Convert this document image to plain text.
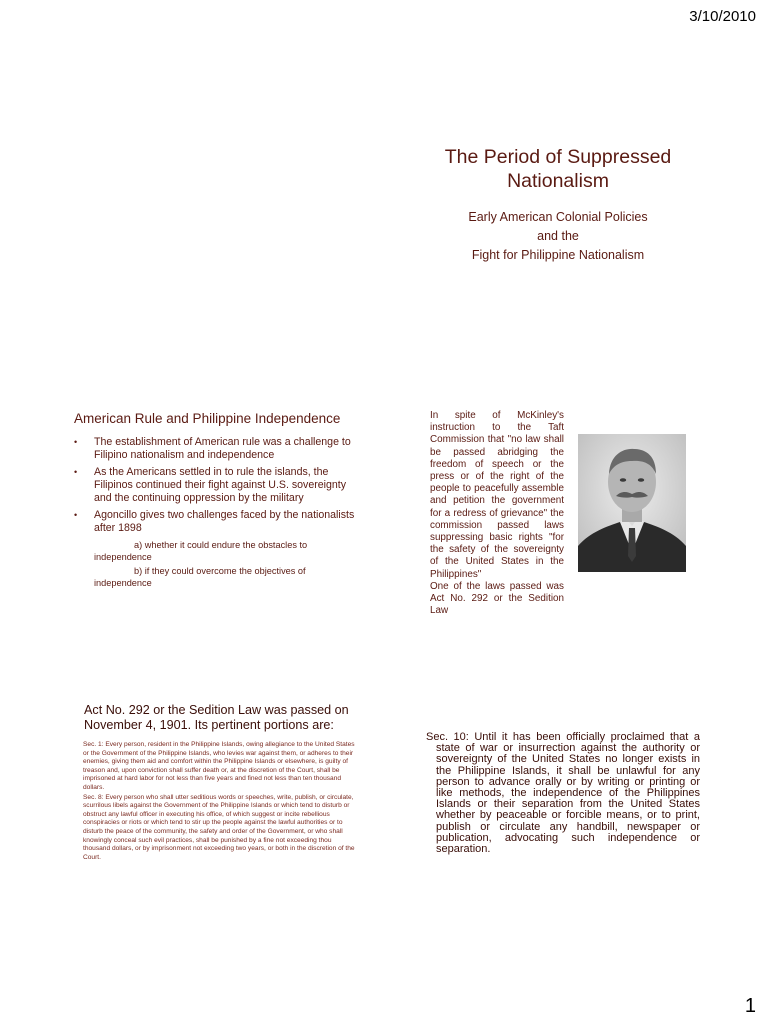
3/10/2010
The Period of Suppressed Nationalism
Early American Colonial Policies
and the
Fight for Philippine Nationalism
American Rule and Philippine Independence
• The establishment of American rule was a challenge to Filipino nationalism and independence
• As the Americans settled in to rule the islands, the Filipinos continued their fight against U.S. sovereignty and the continuing oppression by the military
• Agoncillo gives two challenges faced by the nationalists after 1898
a) whether it could endure the obstacles to independence
b) if they could overcome the objectives of independence
In spite of McKinley's instruction to the Taft Commission that "no law shall be passed abridging the freedom of speech or the press or of the right of the people to peacefully assemble and petition the government for a redress of grievance" the commission passed laws suppressing basic rights "for the safety of the sovereignty of the United States in the Philippines"
One of the laws passed was Act No. 292 or the Sedition Law
Act No. 292 or the Sedition Law was passed on November 4, 1901. Its pertinent portions are:

Sec. 1: Every person, resident in the Philippine Islands, owing allegiance to the United States or the Government of the Philippine Islands, who levies war against them, or adheres to their enemies, giving them aid and comfort within the Philippine Islands or elsewhere, is guilty of treason and, upon conviction shall suffer death or, at the discretion of the Court, shall be imprisoned at hard labor for not less than five years and fined not less than ten thousand dollars.

Sec. 8: Every person who shall utter seditious words or speeches, write, publish, or circulate, scurrilous libels against the Government of the Philippine Islands or which tend to disturb or obstruct any lawful officer in executing his office, of which suggest or incite rebellious conspiracies or riots or which tend to stir up the people against the lawful authorities or to disturb the peace of the community, the safety and order of the Government, or who shall knowingly conceal such evil practices, shall be punished by a fine not exceeding thou thousand dollars, or by imprisonment not exceeding two years, or both in the discretion of the Court.

Sec. 10: Until it has been officially proclaimed that a state of war or insurrection against the authority or sovereignty of the United States no longer exists in the Philippine Islands, it shall be unlawful for any person to advance orally or by writing or printing or like methods, the independence of the Philippines Islands or their separation from the United States whether by peaceable or forcible means, or to print, publish or circulate any handbill, newspaper or publication, advocating such independence or separation.
1
